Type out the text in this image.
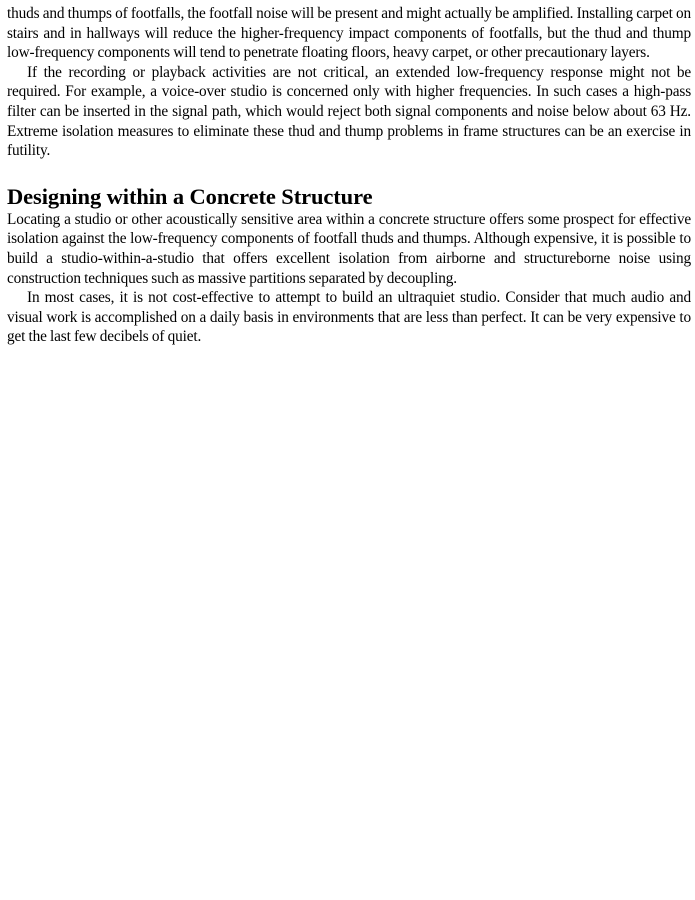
thuds and thumps of footfalls, the footfall noise will be present and might actually be amplified. Installing carpet on stairs and in hallways will reduce the higher-frequency impact components of footfalls, but the thud and thump low-frequency components will tend to penetrate floating floors, heavy carpet, or other precautionary layers.

If the recording or playback activities are not critical, an extended low-frequency response might not be required. For example, a voice-over studio is concerned only with higher frequencies. In such cases a high-pass filter can be inserted in the signal path, which would reject both signal components and noise below about 63 Hz. Extreme isolation measures to eliminate these thud and thump problems in frame structures can be an exercise in futility.

Designing within a Concrete Structure

Locating a studio or other acoustically sensitive area within a concrete structure offers some prospect for effective isolation against the low-frequency components of footfall thuds and thumps. Although expensive, it is possible to build a studio-within-a-studio that offers excellent isolation from airborne and structureborne noise using construction techniques such as massive partitions separated by decoupling.

In most cases, it is not cost-effective to attempt to build an ultraquiet studio. Consider that much audio and visual work is accomplished on a daily basis in environments that are less than perfect. It can be very expensive to get the last few decibels of quiet.
